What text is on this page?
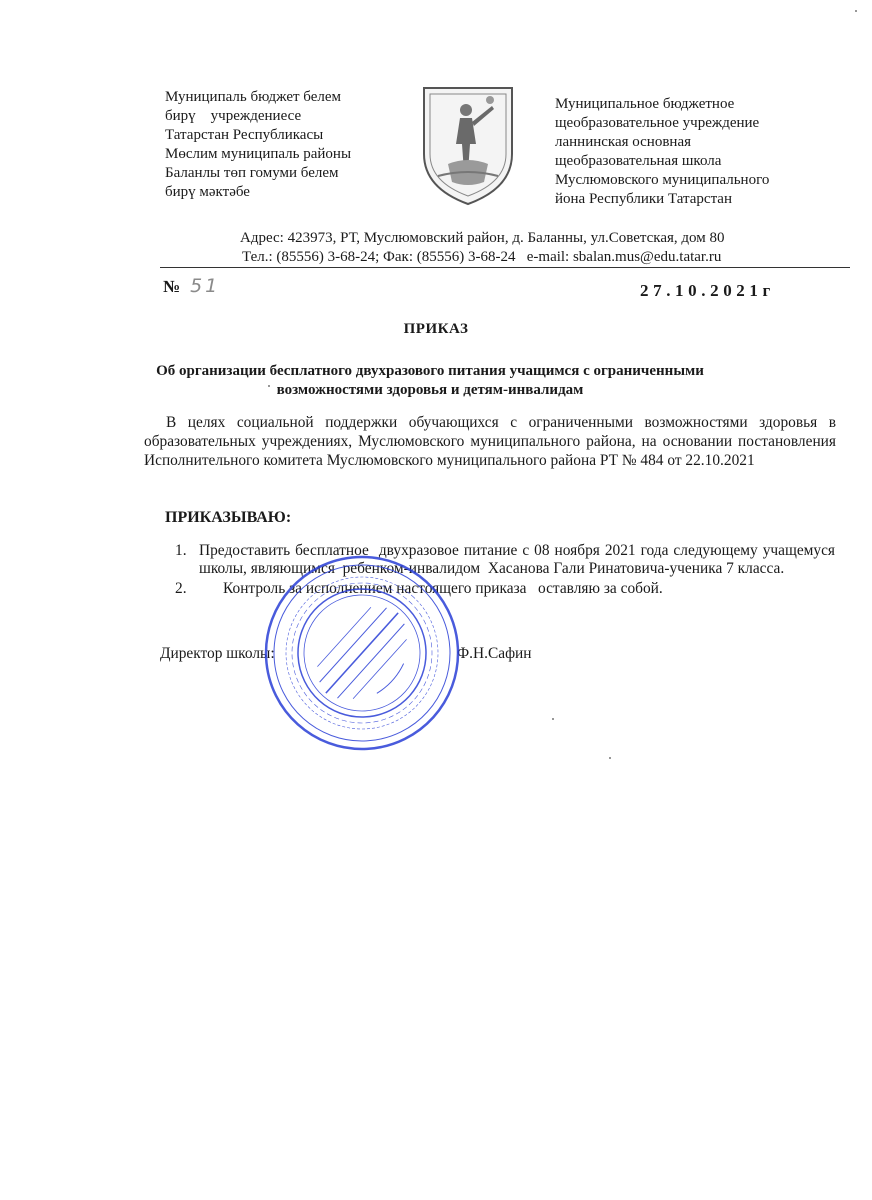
Муниципаль бюджет белем
бирү    учреждениесе
Татарстан Республикасы
Мөслим муниципаль районы
Баланлы төп гомуми белем
бирү мәктәбе
Муниципальное бюджетное
щеобразовательное учреждение
ланнинская основная
щеобразовательная школа
Муслюмовского муниципального
йона Республики Татарстан
Адрес: 423973, РТ, Муслюмовский район, д. Баланны, ул.Советская, дом 80
Тел.: (85556) 3-68-24; Фак: (85556) 3-68-24   e-mail: sbalan.mus@edu.tatar.ru
№ 51	27.10.2021г
ПРИКАЗ
Об организации бесплатного двухразового питания учащимся с ограниченными
возможностями здоровья и детям-инвалидам
В целях социальной поддержки обучающихся с ограниченными возможностями здоровья в образовательных учреждениях, Муслюмовского муниципального района, на основании постановления Исполнительного комитета Муслюмовского муниципального района РТ № 484 от 22.10.2021
ПРИКАЗЫВАЮ:
1. Предоставить бесплатное  двухразовое питание с 08 ноября 2021 года следующему учащемуся школы, являющимся  ребенком-инвалидом  Хасанова Гали Ринатовича-ученика 7 класса.
2.	Контроль за исполнением настоящего приказа   оставляю за собой.
Директор школы:	Ф.Н.Сафин
